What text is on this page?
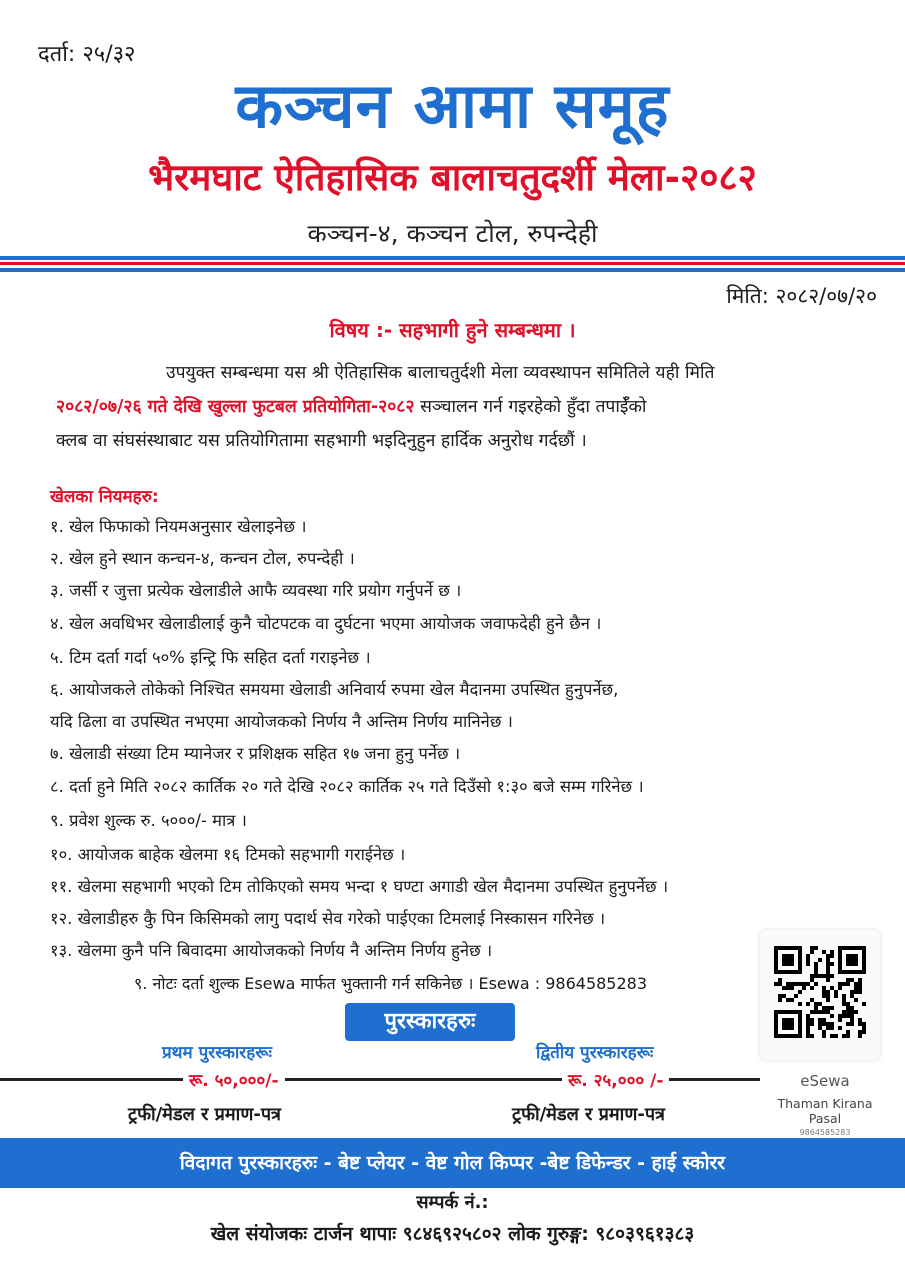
दर्ता: २५/३२
कञ्चन आमा समूह
भैरमघाट ऐतिहासिक बालाचतुदर्शी मेला-२०८२
कञ्चन-४, कञ्चन टोल, रुपन्देही
मिति: २०८२/०७/२०
विषय :- सहभागी हुने सम्बन्धमा ।
उपयुक्त सम्बन्धमा यस श्री ऐतिहासिक बालाचतुर्दशी मेला व्यवस्थापन समितिले यही मिति
२०८२/०७/२६ गते देखि खुल्ला फुटबल प्रतियोगिता-२०८२ सञ्चालन गर्न गइरहेको हुँदा तपाईँको
क्लब वा संघसंस्थाबाट यस प्रतियोगितामा सहभागी भइदिनुहुन हार्दिक अनुरोध गर्दछौं ।
खेलका नियमहरु:
१. खेल फिफाको नियमअनुसार खेलाइनेछ ।
२. खेल हुने स्थान कन्चन-४, कन्चन टोल, रुपन्देही ।
३. जर्सी र जुत्ता प्रत्येक खेलाडीले आफै व्यवस्था गरि प्रयोग गर्नुपर्ने छ ।
४. खेल अवधिभर खेलाडीलाई कुनै चोटपटक वा दुर्घटना भएमा आयोजक जवाफदेही हुने छैन ।
५. टिम दर्ता गर्दा ५०% इन्ट्रि फि सहित दर्ता गराइनेछ ।
६. आयोजकले तोकेको निश्चित समयमा खेलाडी अनिवार्य रुपमा खेल मैदानमा उपस्थित हुनुपर्नेछ,
यदि ढिला वा उपस्थित नभएमा आयोजकको निर्णय नै अन्तिम निर्णय मानिनेछ ।
७. खेलाडी संख्या टिम म्यानेजर र प्रशिक्षक सहित १७ जना हुनु पर्नेछ ।
८. दर्ता हुने मिति २०८२ कार्तिक २० गते देखि २०८२ कार्तिक २५ गते दिउँसो १:३० बजे सम्म गरिनेछ ।
९. प्रवेश शुल्क रु. ५०००/- मात्र ।
१०. आयोजक बाहेक खेलमा १६ टिमको सहभागी गराईनेछ ।
११. खेलमा सहभागी भएको टिम तोकिएको समय भन्दा १ घण्टा अगाडी खेल मैदानमा उपस्थित हुनुपर्नेछ ।
१२. खेलाडीहरु कुै पिन किसिमको लागु पदार्थ सेव गरेको पाईएका टिमलाई निस्कासन गरिनेछ ।
१३. खेलमा कुनै पनि बिवादमा आयोजकको निर्णय नै अन्तिम निर्णय हुनेछ ।
९. नोटः दर्ता शुल्क Esewa मार्फत भुक्तानी गर्न सकिनेछ । Esewa : 9864585283
eSewa
Thaman Kirana Pasal
9864585283
पुरस्कारहरुः
प्रथम पुरस्कारहरूः	द्वितीय पुरस्कारहरूः
रू. ५०,०००/-	रू. २५,००० /-
ट्रफी/मेडल र प्रमाण-पत्र	ट्रफी/मेडल र प्रमाण-पत्र
विदागत पुरस्कारहरुः - बेष्ट प्लेयर - वेष्ट गोल किप्पर -बेष्ट डिफेन्डर - हाई स्कोरर
सम्पर्क नं.:
खेल संयोजकः टार्जन थापाः ९८४६९२५८०२ लोक गुरुङ्ग: ९८०३९६१३८३
